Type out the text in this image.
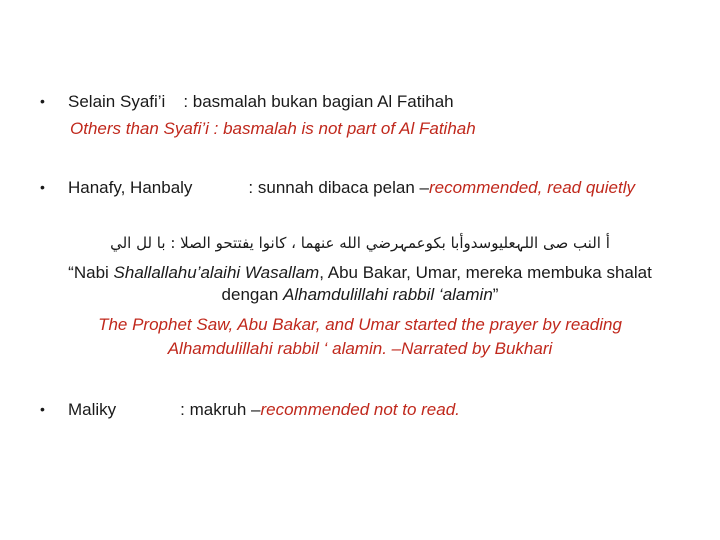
• Selain Syafi’i : basmalah bukan bagian Al Fatihah
Others than Syafi’i : basmalah is not part of Al Fatihah
• Hanafy, Hanbaly	: sunnah dibaca pelan –recommended, read quietly
أ النب صى اللہعليوسدوأبا بكوعمہرضي الله عنهما ، كانوا يفتتحو الصلا : با لل الي
“Nabi Shallallahu’alaihi Wasallam, Abu Bakar, Umar, mereka membuka shalat
dengan Alhamdulillahi rabbil ‘alamin”
The Prophet Saw, Abu Bakar, and Umar started the prayer by reading
Alhamdulillahi rabbil ‘ alamin. –Narrated by Bukhari
• Maliky	: makruh –recommended not to read.
